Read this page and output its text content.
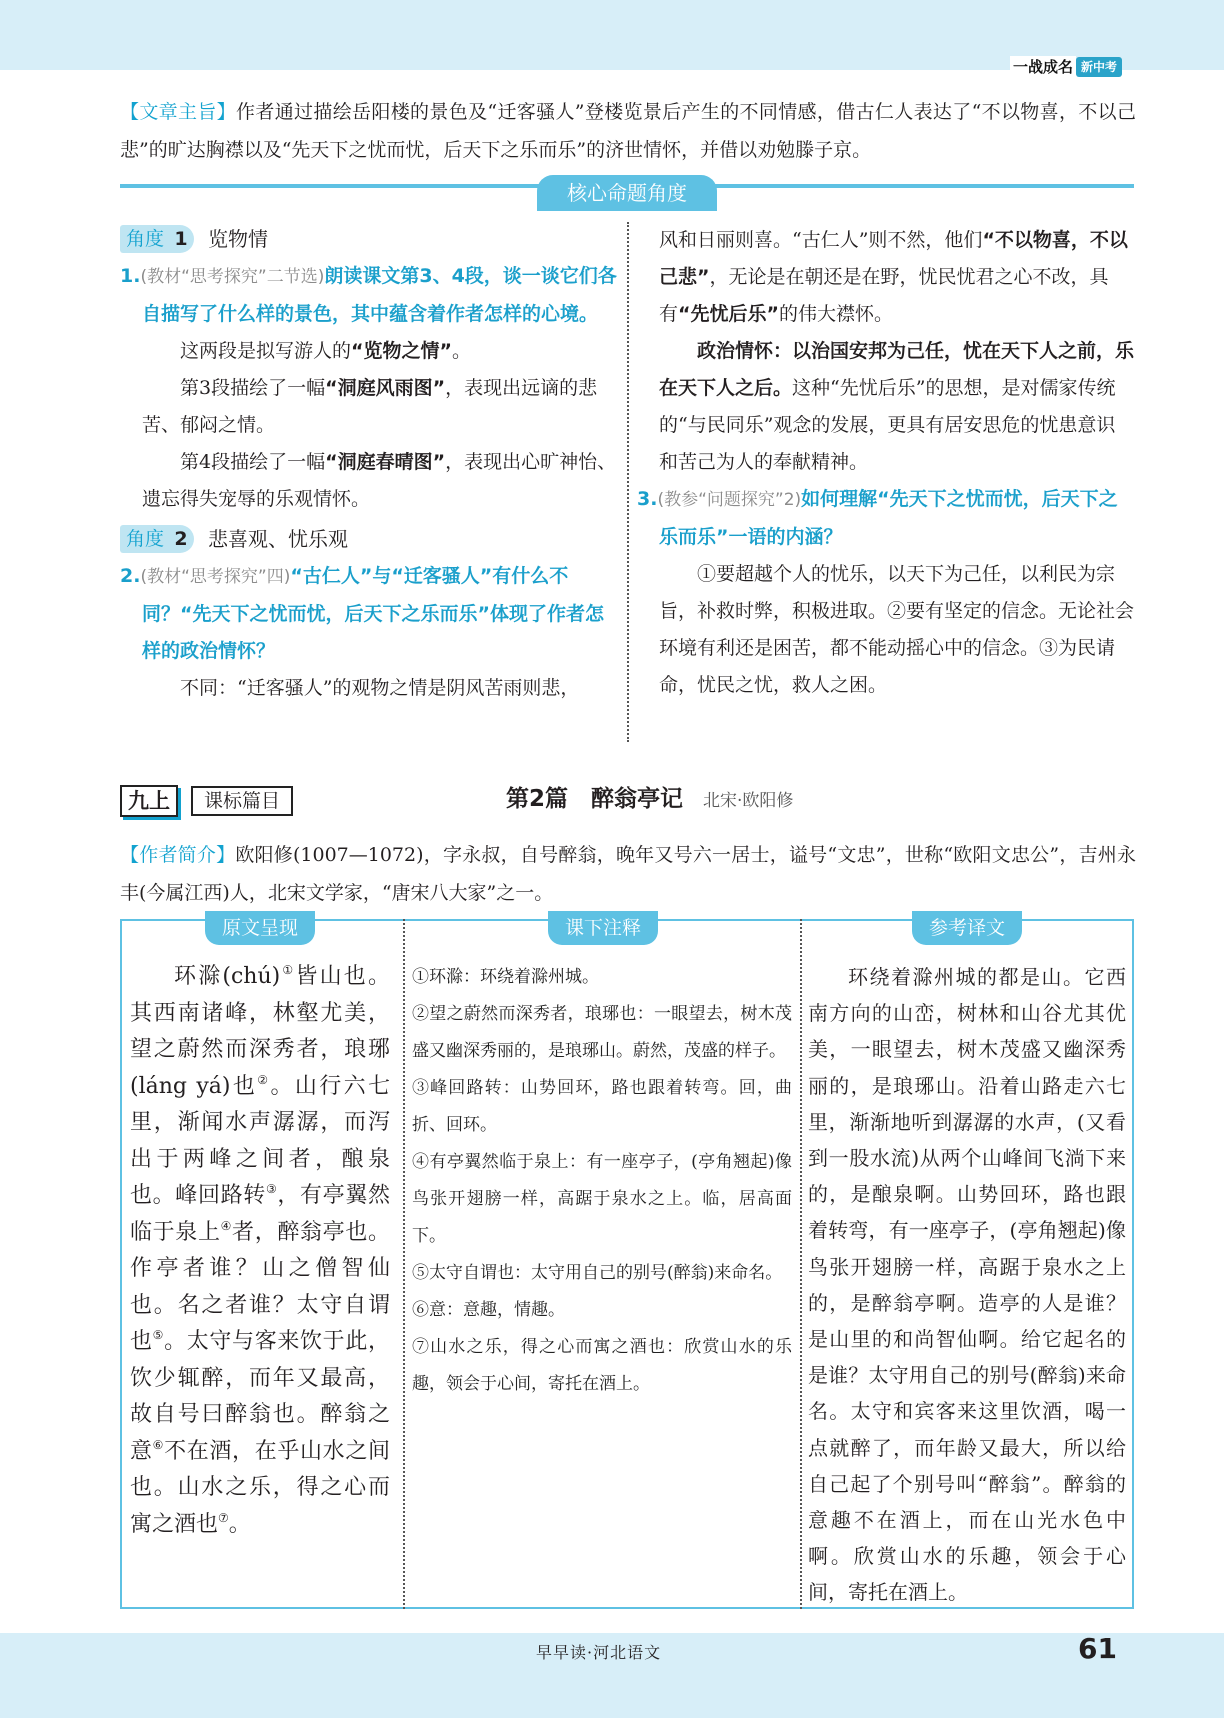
一战成名 新中考
【文章主旨】作者通过描绘岳阳楼的景色及“迁客骚人”登楼览景后产生的不同情感，借古仁人表达了“不以物喜，不以己悲”的旷达胸襟以及“先天下之忧而忧，后天下之乐而乐”的济世情怀，并借以劝勉滕子京。
核心命题角度
角度 1	览物情
1.(教材“思考探究”二节选)朗读课文第3、4段，谈一谈它们各自描写了什么样的景色，其中蕴含着作者怎样的心境。
这两段是拟写游人的“览物之情”。
第3段描绘了一幅“洞庭风雨图”，表现出远谪的悲苦、郁闷之情。
第4段描绘了一幅“洞庭春晴图”，表现出心旷神怡、遗忘得失宠辱的乐观情怀。
角度 2	悲喜观、忧乐观
2.(教材“思考探究”四)“古仁人”与“迁客骚人”有什么不同？“先天下之忧而忧，后天下之乐而乐”体现了作者怎样的政治情怀？
不同：“迁客骚人”的观物之情是阴风苦雨则悲，
风和日丽则喜。“古仁人”则不然，他们“不以物喜，不以己悲”，无论是在朝还是在野，忧民忧君之心不改，具有“先忧后乐”的伟大襟怀。
政治情怀：以治国安邦为己任，忧在天下人之前，乐在天下人之后。这种“先忧后乐”的思想，是对儒家传统的“与民同乐”观念的发展，更具有居安思危的忧患意识和苦己为人的奉献精神。
3.(教参“问题探究”2)如何理解“先天下之忧而忧，后天下之乐而乐”一语的内涵？
①要超越个人的忧乐，以天下为己任，以利民为宗旨，补救时弊，积极进取。②要有坚定的信念。无论社会环境有利还是困苦，都不能动摇心中的信念。③为民请命，忧民之忧，救人之困。
九上	课标篇目	第2篇　醉翁亭记 北宋·欧阳修
【作者简介】欧阳修(1007—1072)，字永叔，自号醉翁，晚年又号六一居士，谥号“文忠”，世称“欧阳文忠公”，吉州永丰(今属江西)人，北宋文学家，“唐宋八大家”之一。
原文呈现	课下注释	参考译文
环滁(chú)①皆山也。其西南诸峰，林壑尤美，望之蔚然而深秀者，琅琊(láng yá)也②。山行六七里，渐闻水声潺潺，而泻出于两峰之间者，酿泉也。峰回路转③，有亭翼然临于泉上④者，醉翁亭也。作亭者谁？山之僧智仙也。名之者谁？太守自谓也⑤。太守与客来饮于此，饮少辄醉，而年又最高，故自号曰醉翁也。醉翁之意⑥不在酒，在乎山水之间也。山水之乐，得之心而寓之酒也⑦。
①环滁：环绕着滁州城。
②望之蔚然而深秀者，琅琊也：一眼望去，树木茂盛又幽深秀丽的，是琅琊山。蔚然，茂盛的样子。
③峰回路转：山势回环，路也跟着转弯。回，曲折、回环。
④有亭翼然临于泉上：有一座亭子，(亭角翘起)像鸟张开翅膀一样，高踞于泉水之上。临，居高面下。
⑤太守自谓也：太守用自己的别号(醉翁)来命名。
⑥意：意趣，情趣。
⑦山水之乐，得之心而寓之酒也：欣赏山水的乐趣，领会于心间，寄托在酒上。
环绕着滁州城的都是山。它西南方向的山峦，树林和山谷尤其优美，一眼望去，树木茂盛又幽深秀丽的，是琅琊山。沿着山路走六七里，渐渐地听到潺潺的水声，(又看到一股水流)从两个山峰间飞淌下来的，是酿泉啊。山势回环，路也跟着转弯，有一座亭子，(亭角翘起)像鸟张开翅膀一样，高踞于泉水之上的，是醉翁亭啊。造亭的人是谁？是山里的和尚智仙啊。给它起名的是谁？太守用自己的别号(醉翁)来命名。太守和宾客来这里饮酒，喝一点就醉了，而年龄又最大，所以给自己起了个别号叫“醉翁”。醉翁的意趣不在酒上，而在山光水色中啊。欣赏山水的乐趣，领会于心间，寄托在酒上。
早早读·河北语文	61
